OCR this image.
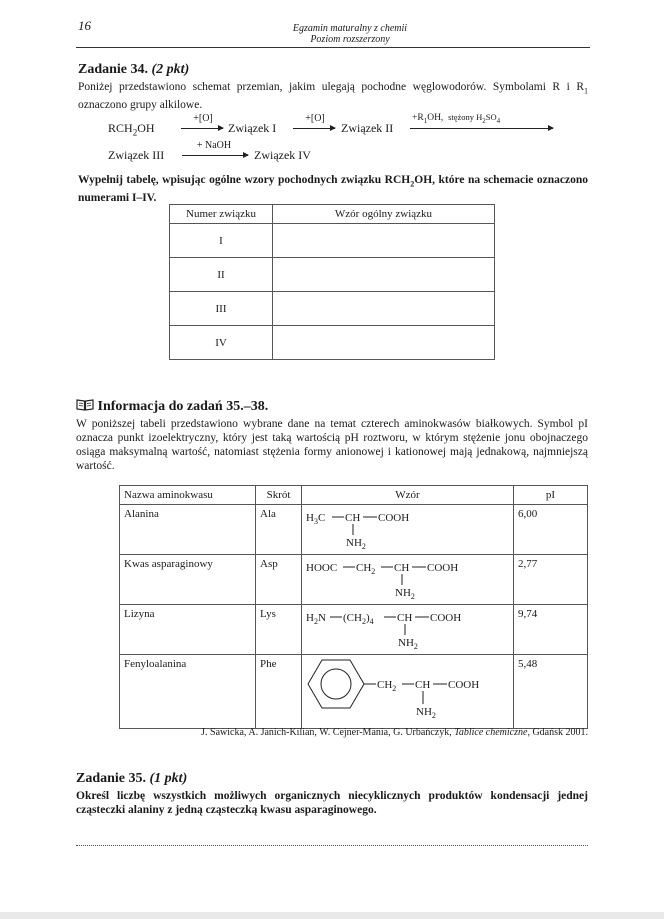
16	Egzamin maturalny z chemii
Poziom rozszerzony
Zadanie 34. (2 pkt)
Poniżej przedstawiono schemat przemian, jakim ulegają pochodne węglowodorów. Symbolami R i $R_1$ oznaczono grupy alkilowe.
$RCH_2OH$
+[O]
Związek I
+[O]
Związek II
$+R_1OH$, stężony $H_2SO_4$
Związek III
+ NaOH
Związek IV
Wypełnij tabelę, wpisując ogólne wzory pochodnych związku $RCH_2OH$, które na schemacie oznaczono numerami I–IV.
Numer związku	Wzór ogólny związku
I	
II	
III	
IV	
Informacja do zadań 35.–38.
W poniższej tabeli przedstawiono wybrane dane na temat czterech aminokwasów białkowych. Symbol pI oznacza punkt izoelektryczny, który jest taką wartością pH roztworu, w którym stężenie jonu obojnaczego osiąga maksymalną wartość, natomiast stężenia formy anionowej i kationowej mają jednakową, najmniejszą wartość.
Nazwa aminokwasu	Skrót	Wzór	pI
Alanina	Ala	$H_3C$ CH COOH
$NH_2$	6,00
Kwas asparaginowy	Asp	HOOC $CH_2$ CH COOH
$NH_2$	2,77
Lizyna	Lys	$H_2N$ $(CH_2)_4$ CH COOH
$NH_2$	9,74
Fenyloalanina	Phe	$CH_2$ CH COOH
$NH_2$	5,48
J. Sawicka, A. Janich-Kilian, W. Cejner-Mania, G. Urbańczyk, Tablice chemiczne, Gdańsk 2001.
Zadanie 35. (1 pkt)
Określ liczbę wszystkich możliwych organicznych niecyklicznych produktów kondensacji jednej cząsteczki alaniny z jedną cząsteczką kwasu asparaginowego.
